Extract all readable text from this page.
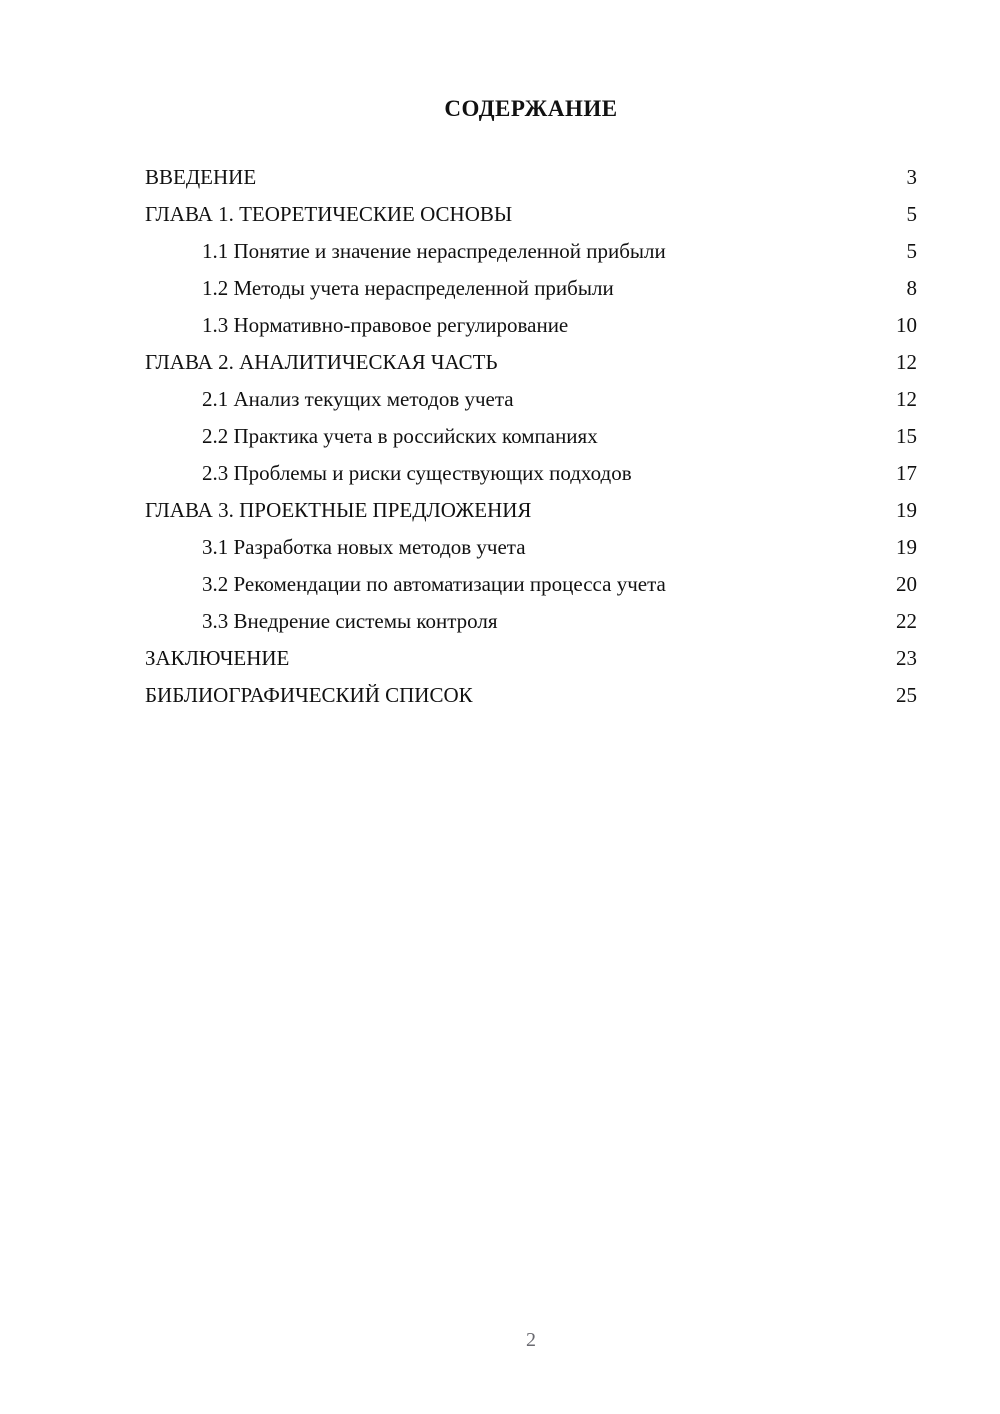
СОДЕРЖАНИЕ
ВВЕДЕНИЕ	3
ГЛАВА 1. ТЕОРЕТИЧЕСКИЕ ОСНОВЫ	5
1.1 Понятие и значение нераспределенной прибыли	5
1.2 Методы учета нераспределенной прибыли	8
1.3 Нормативно-правовое регулирование	10
ГЛАВА 2. АНАЛИТИЧЕСКАЯ ЧАСТЬ	12
2.1 Анализ текущих методов учета	12
2.2 Практика учета в российских компаниях	15
2.3 Проблемы и риски существующих подходов	17
ГЛАВА 3. ПРОЕКТНЫЕ ПРЕДЛОЖЕНИЯ	19
3.1 Разработка новых методов учета	19
3.2 Рекомендации по автоматизации процесса учета	20
3.3 Внедрение системы контроля	22
ЗАКЛЮЧЕНИЕ	23
БИБЛИОГРАФИЧЕСКИЙ СПИСОК	25
2
